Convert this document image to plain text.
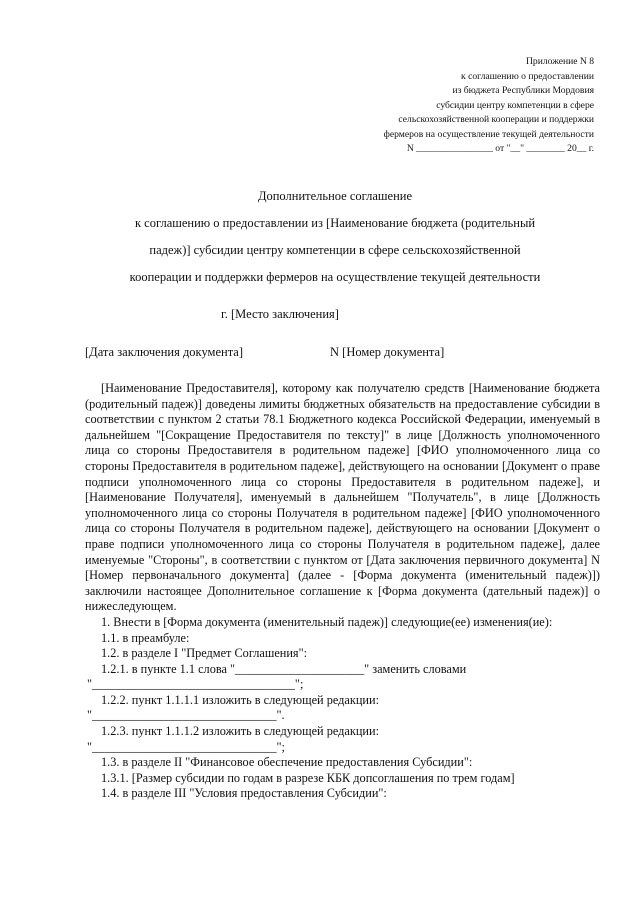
Приложение N 8
к соглашению о предоставлении
из бюджета Республики Мордовия
субсидии центру компетенции в сфере
сельскохозяйственной кооперации и поддержки
фермеров на осуществление текущей деятельности
N ________________ от "__" ________ 20__ г.
Дополнительное соглашение
к соглашению о предоставлении из [Наименование бюджета (родительный
падеж)] субсидии центру компетенции в сфере сельскохозяйственной
кооперации и поддержки фермеров на осуществление текущей деятельности
г. [Место заключения]
[Дата заключения документа]	N [Номер документа]

[Наименование Предоставителя], которому как получателю средств [Наименование бюджета (родительный падеж)] доведены лимиты бюджетных обязательств на предоставление субсидии в соответствии с пунктом 2 статьи 78.1 Бюджетного кодекса Российской Федерации, именуемый в дальнейшем "[Сокращение Предоставителя по тексту]" в лице [Должность уполномоченного лица со стороны Предоставителя в родительном падеже] [ФИО уполномоченного лица со стороны Предоставителя в родительном падеже], действующего на основании [Документ о праве подписи уполномоченного лица со стороны Предоставителя в родительном падеже], и [Наименование Получателя], именуемый в дальнейшем "Получатель", в лице [Должность уполномоченного лица со стороны Получателя в родительном падеже] [ФИО уполномоченного лица со стороны Получателя в родительном падеже], действующего на основании [Документ о праве подписи уполномоченного лица со стороны Получателя в родительном падеже], далее именуемые "Стороны", в соответствии с пунктом от [Дата заключения первичного документа] N [Номер первоначального документа] (далее - [Форма документа (именительный падеж)]) заключили настоящее Дополнительное соглашение к [Форма документа (дательный падеж)] о нижеследующем.

1. Внести в [Форма документа (именительный падеж)] следующие(ее) изменения(ие):

1.1. в преамбуле:

1.2. в разделе I "Предмет Соглашения":

1.2.1. в пункте 1.1 слова "_____________________" заменить словами

"_________________________________";

1.2.2. пункт 1.1.1.1 изложить в следующей редакции:

"______________________________".

1.2.3. пункт 1.1.1.2 изложить в следующей редакции:

"______________________________";

1.3. в разделе II "Финансовое обеспечение предоставления Субсидии":

1.3.1. [Размер субсидии по годам в разрезе КБК допсоглашения по трем годам]

1.4. в разделе III "Условия предоставления Субсидии":
